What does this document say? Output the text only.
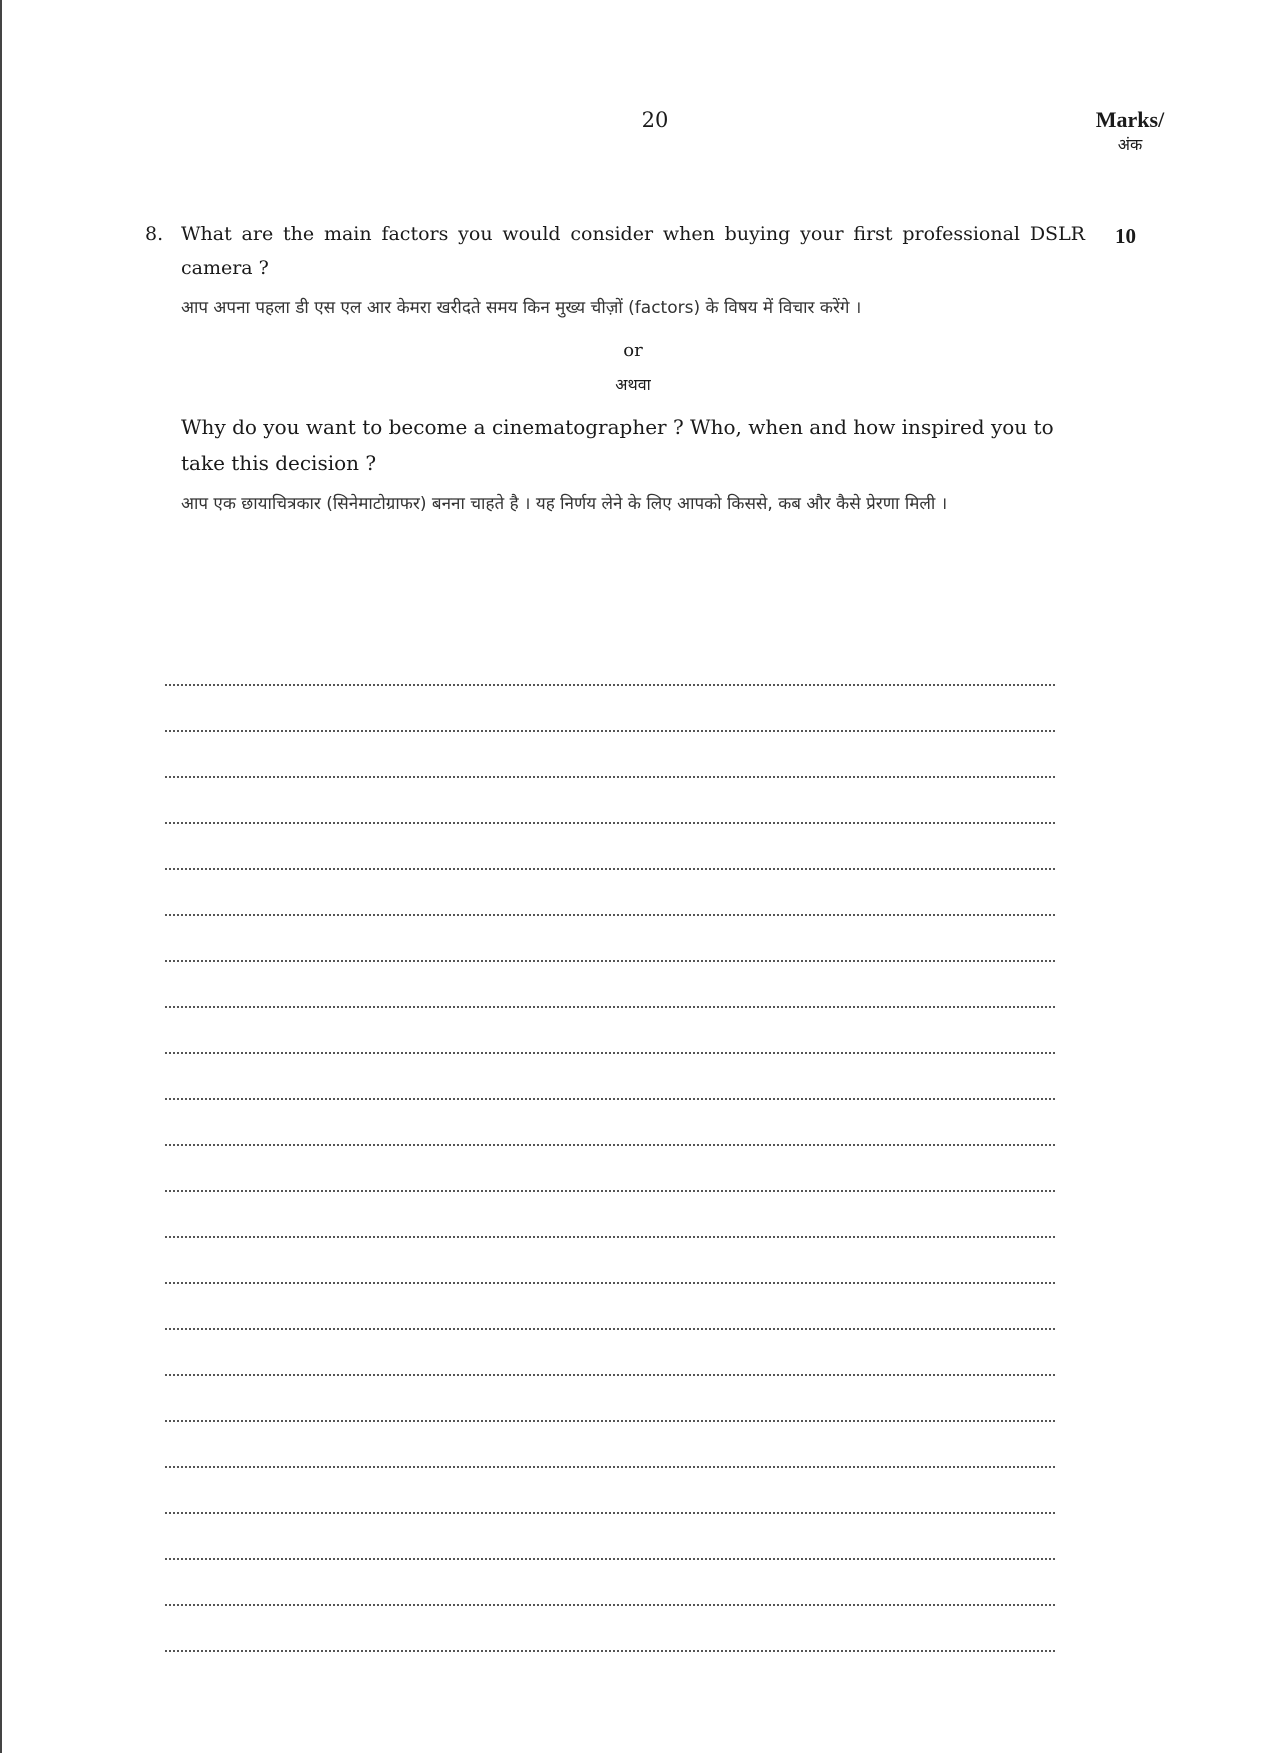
20	Marks/
अंक
10
8. What are the main factors you would consider when buying your first professional DSLR camera ?

आप अपना पहला डी एस एल आर केमरा खरीदते समय किन मुख्य चीज़ों (factors) के विषय में विचार करेंगे ।

or

अथवा

Why do you want to become a cinematographer ? Who, when and how inspired you to take this decision ?

आप एक छायाचित्रकार (सिनेमाटोग्राफर) बनना चाहते है । यह निर्णय लेने के लिए आपको किससे, कब और कैसे प्रेरणा मिली ।
